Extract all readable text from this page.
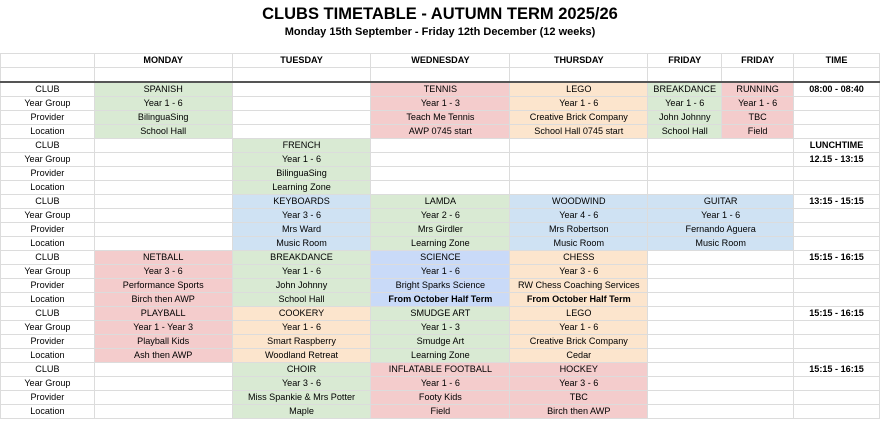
CLUBS TIMETABLE - AUTUMN TERM 2025/26
Monday 15th September - Friday 12th December (12 weeks)
	MONDAY	TUESDAY	WEDNESDAY	THURSDAY	FRIDAY	FRIDAY	TIME

CLUB	SPANISH		TENNIS	LEGO	BREAKDANCE	RUNNING	08:00 - 08:40
Year Group	Year 1 - 6		Year 1 - 3	Year 1 - 6	Year 1 - 6	Year 1 - 6	
Provider	BilinguaSing		Teach Me Tennis	Creative Brick Company	John Johnny	TBC	
Location	School Hall		AWP 0745 start	School Hall 0745 start	School Hall	Field	
CLUB		FRENCH					LUNCHTIME
Year Group		Year 1 - 6					12.15 - 13:15
Provider		BilinguaSing					
Location		Learning Zone					
CLUB		KEYBOARDS	LAMDA	WOODWIND	GUITAR		13:15 - 15:15
Year Group		Year 3 - 6	Year 2 - 6	Year 4 - 6	Year 1 - 6		
Provider		Mrs Ward	Mrs Girdler	Mrs Robertson	Fernando Aguera		
Location		Music Room	Learning Zone	Music Room	Music Room		
CLUB	NETBALL	BREAKDANCE	SCIENCE	CHESS			15:15 - 16:15
Year Group	Year 3 - 6	Year 1 - 6	Year 1 - 6	Year 3 - 6			
Provider	Performance Sports	John Johnny	Bright Sparks Science	RW Chess Coaching Services			
Location	Birch then AWP	School Hall	From October Half Term	From October Half Term			
CLUB	PLAYBALL	COOKERY	SMUDGE ART	LEGO			15:15 - 16:15
Year Group	Year 1 - Year 3	Year 1 - 6	Year 1 - 3	Year 1 - 6			
Provider	Playball Kids	Smart Raspberry	Smudge Art	Creative Brick Company			
Location	Ash then AWP	Woodland Retreat	Learning Zone	Cedar			
CLUB		CHOIR	INFLATABLE FOOTBALL	HOCKEY			15:15 - 16:15
Year Group		Year 3 - 6	Year 1 - 6	Year 3 - 6			
Provider		Miss Spankie & Mrs Potter	Footy Kids	TBC			
Location		Maple	Field	Birch then AWP			
